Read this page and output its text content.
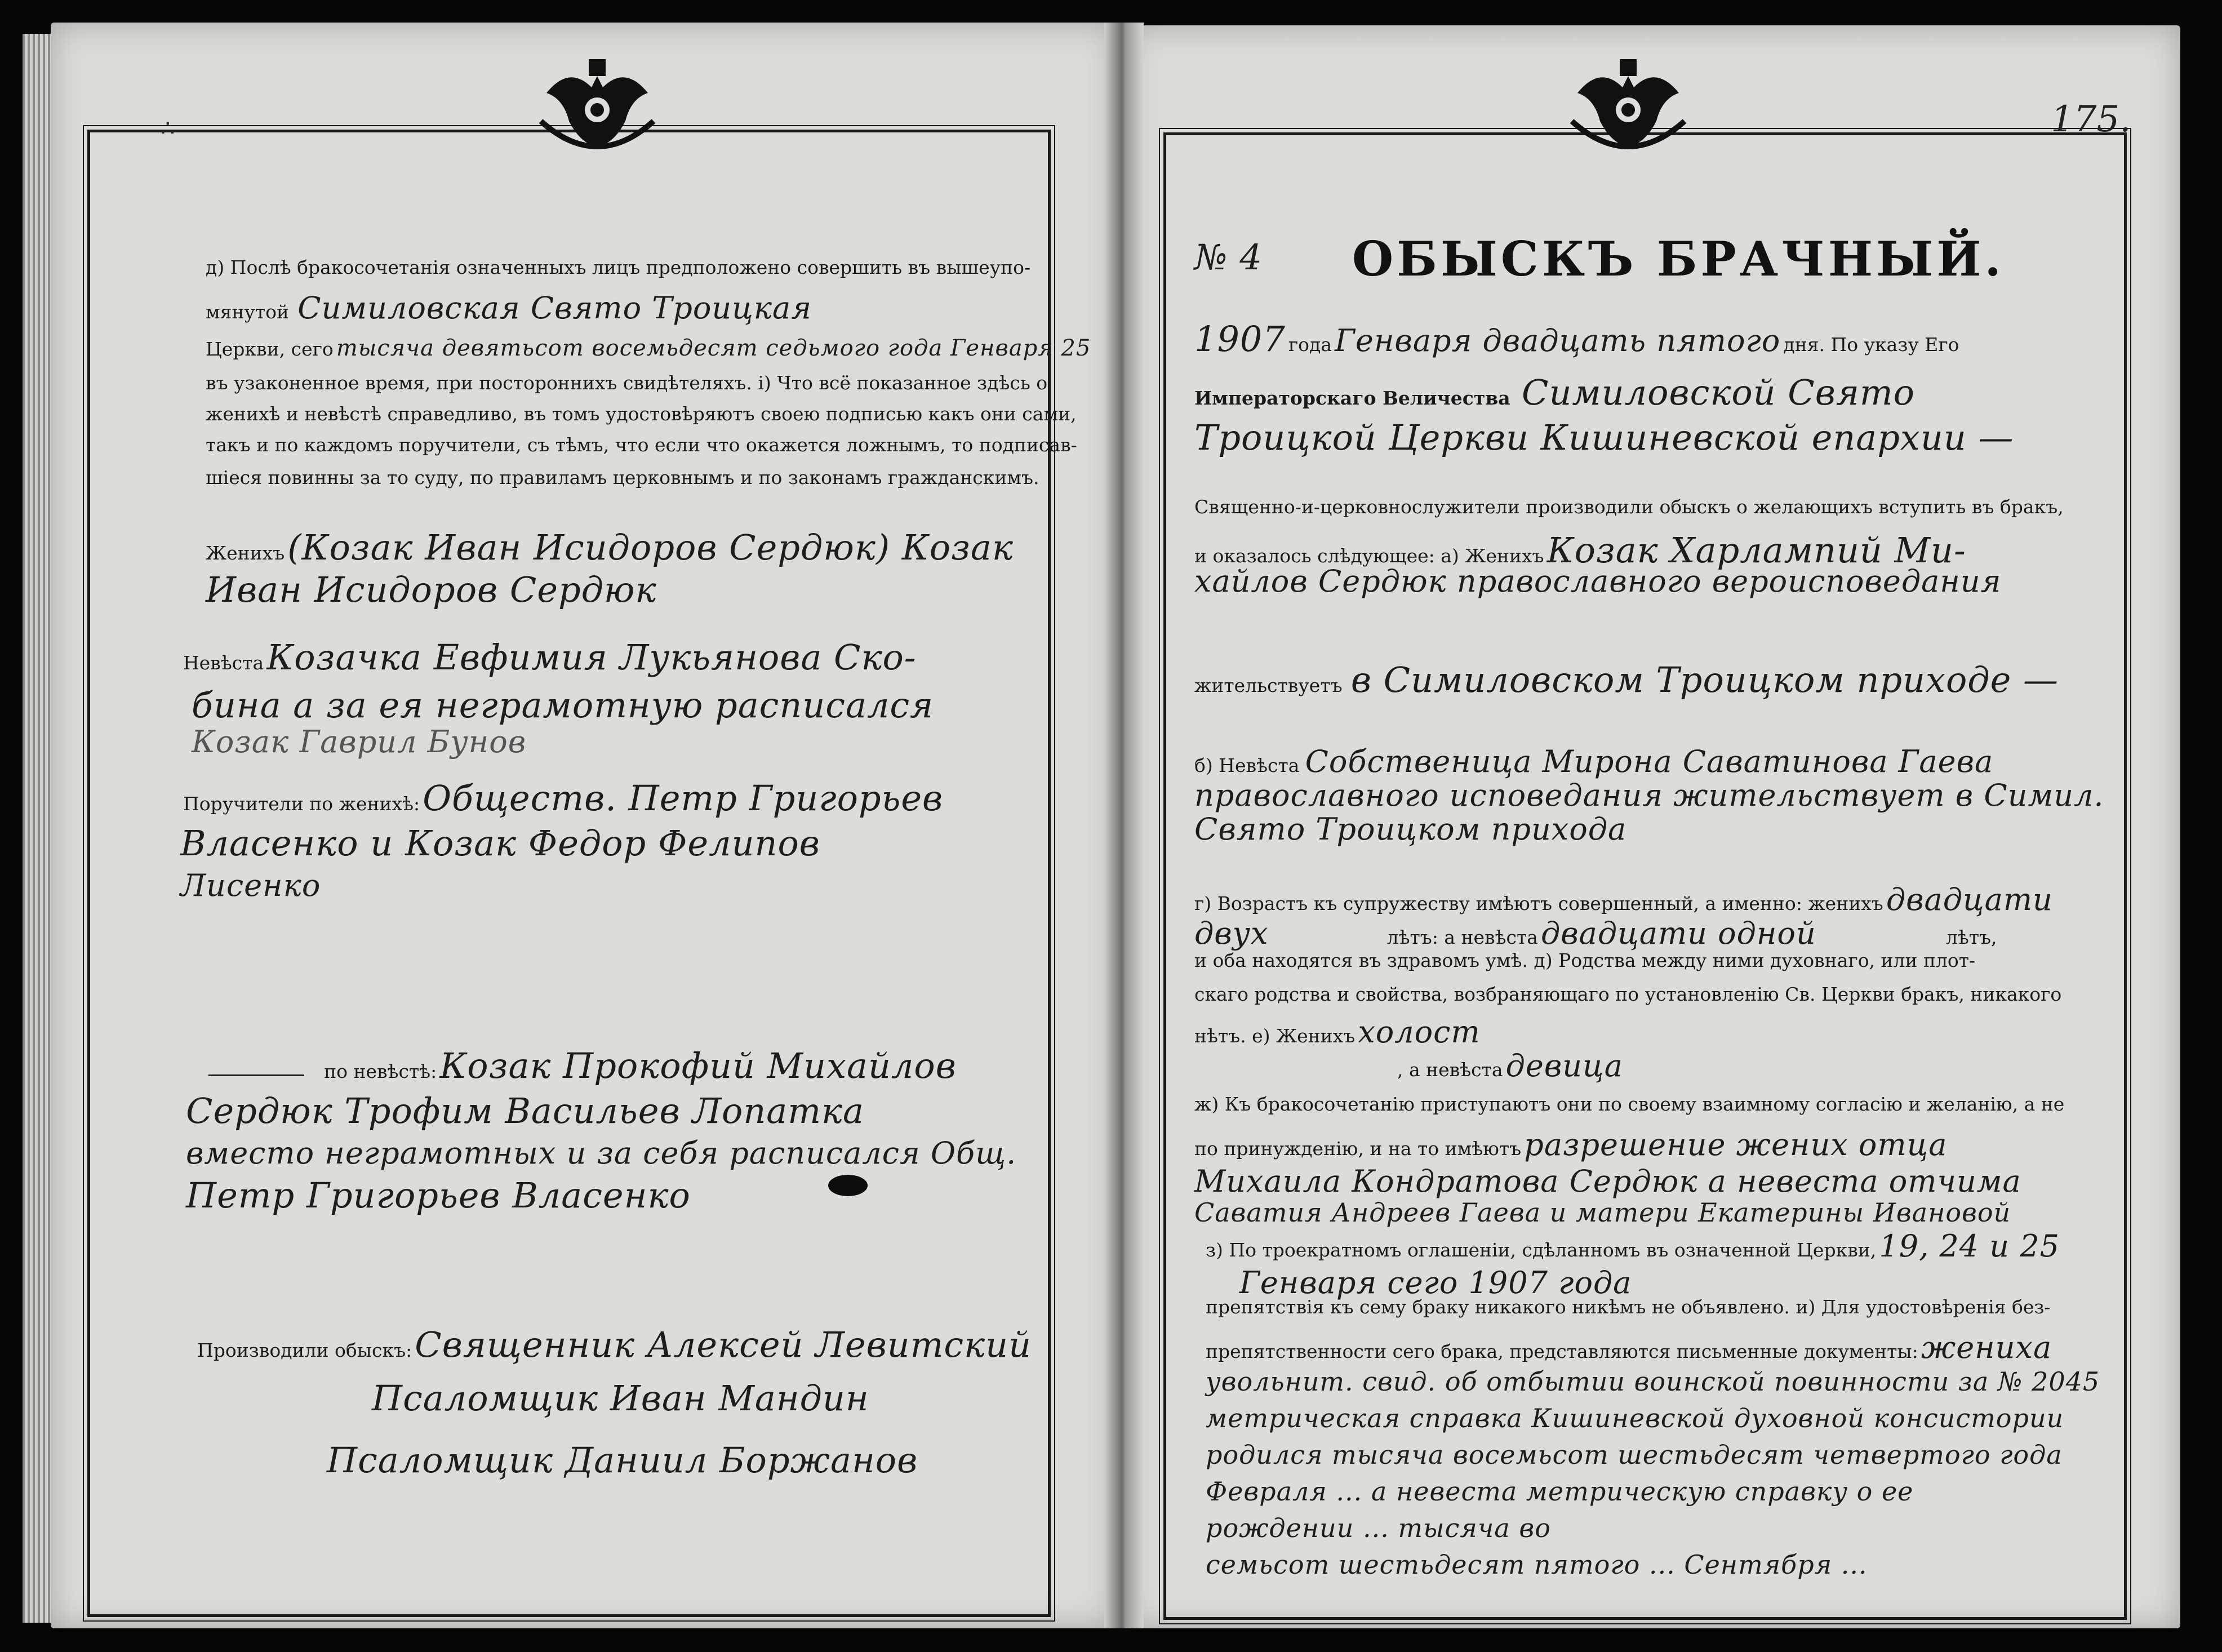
∴	175.
д) Послѣ бракосочетанія означенныхъ лицъ предположено совершить въ вышеупо-
мянутой Симиловская Свято Троицкая
Церкви, сего тысяча девятьсот восемьдесят седьмого года Генваря 25
въ узаконенное время, при постороннихъ свидѣтеляхъ. і) Что всё показанное здѣсь о
женихѣ и невѣстѣ справедливо, въ томъ удостовѣряютъ своею подписью какъ они сами,
такъ и по каждомъ поручители, съ тѣмъ, что если что окажется ложнымъ, то подписав-
шіеся повинны за то суду, по правиламъ церковнымъ и по законамъ гражданскимъ.
Женихъ (Козак Иван Исидоров Сердюк) Козак
Иван Исидоров Сердюк
Невѣста Козачка Евфимия Лукьянова Ско-
бина а за ея неграмотную расписался
Козак Гаврил Бунов
Поручители по женихѣ: Обществ. Петр Григорьев
Власенко и Козак Федор Фелипов
Лисенко
по невѣстѣ: Козак Прокофий Михайлов
Сердюк Трофим Васильев Лопатка
вместо неграмотных и за себя расписался Общ.
Петр Григорьев Власенко
Производили обыскъ: Священник Алексей Левитский
Псаломщик Иван Мандин
Псаломщик Даниил Боржанов
№ 4 ОБЫСКЪ БРАЧНЫЙ.
1907 года Генваря двадцать пятого дня. По указу Его
Императорскаго Величества Симиловской Свято
Троицкой Церкви Кишиневской епархии —
Священно-и-церковнослужители производили обыскъ о желающихъ вступить въ бракъ,
и оказалось слѣдующее: а) Женихъ Козак Харлампий Ми-
хайлов Сердюк православного вероисповедания
жительствуетъ в Симиловском Троицком приходе —
б) Невѣста Собственица Мирона Саватинова Гаева
православного исповедания жительствует в Симил.
Свято Троицком прихода
г) Возрастъ къ супружеству имѣютъ совершенный, а именно: женихъ двадцати
двух	лѣтъ: а невѣста двадцати одной	лѣтъ,
и оба находятся въ здравомъ умѣ. д) Родства между ними духовнаго, или плот-
скаго родства и свойства, возбраняющаго по установленію Св. Церкви бракъ, никакого
нѣтъ. е) Женихъ холост
, а невѣста девица
ж) Къ бракосочетанію приступаютъ они по своему взаимному согласію и желанію, а не
по принужденію, и на то имѣютъ разрешение жених отца
Михаила Кондратова Сердюк а невеста отчима
Саватия Андреев Гаева и матери Екатерины Ивановой
з) По троекратномъ оглашеніи, сдѣланномъ въ означенной Церкви, 19, 24 и 25
Генваря сего 1907 года
препятствія къ сему браку никакого никѣмъ не объявлено. и) Для удостовѣренія без-
препятственности сего брака, представляются письменные документы: жениха
увольнит. свид. об отбытии воинской повинности за № 2045
метрическая справка Кишиневской духовной консистории
родился тысяча восемьсот шестьдесят четвертого года
Февраля ... а невеста метрическую справку о ее
рождении ... тысяча во
семьсот шестьдесят пятого ... Сентября ...
